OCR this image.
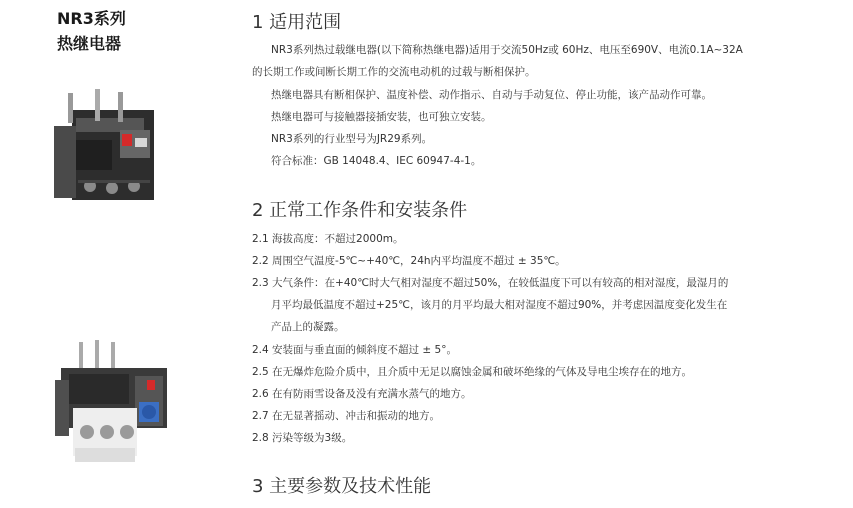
NR3系列
热继电器
1 适用范围
NR3系列热过载继电器(以下简称热继电器)适用于交流50Hz或 60Hz、电压至690V、电流0.1A~32A
的长期工作或间断长期工作的交流电动机的过载与断相保护。
热继电器具有断相保护、温度补偿、动作指示、自动与手动复位、停止功能，该产品动作可靠。
热继电器可与接触器接插安装，也可独立安装。
NR3系列的行业型号为JR29系列。
符合标准：GB 14048.4、IEC 60947-4-1。
2 正常工作条件和安装条件
2.1 海拔高度：不超过2000m。
2.2 周围空气温度-5℃~+40℃，24h内平均温度不超过 ± 35℃。
2.3 大气条件：在+40℃时大气相对湿度不超过50%，在较低温度下可以有较高的相对湿度，最湿月的
月平均最低温度不超过+25℃，该月的月平均最大相对湿度不超过90%，并考虑因温度变化发生在
产品上的凝露。
2.4 安装面与垂直面的倾斜度不超过 ± 5°。
2.5 在无爆炸危险介质中，且介质中无足以腐蚀金属和破坏绝缘的气体及导电尘埃存在的地方。
2.6 在有防雨雪设备及没有充满水蒸气的地方。
2.7 在无显著摇动、冲击和振动的地方。
2.8 污染等级为3级。
3 主要参数及技术性能
